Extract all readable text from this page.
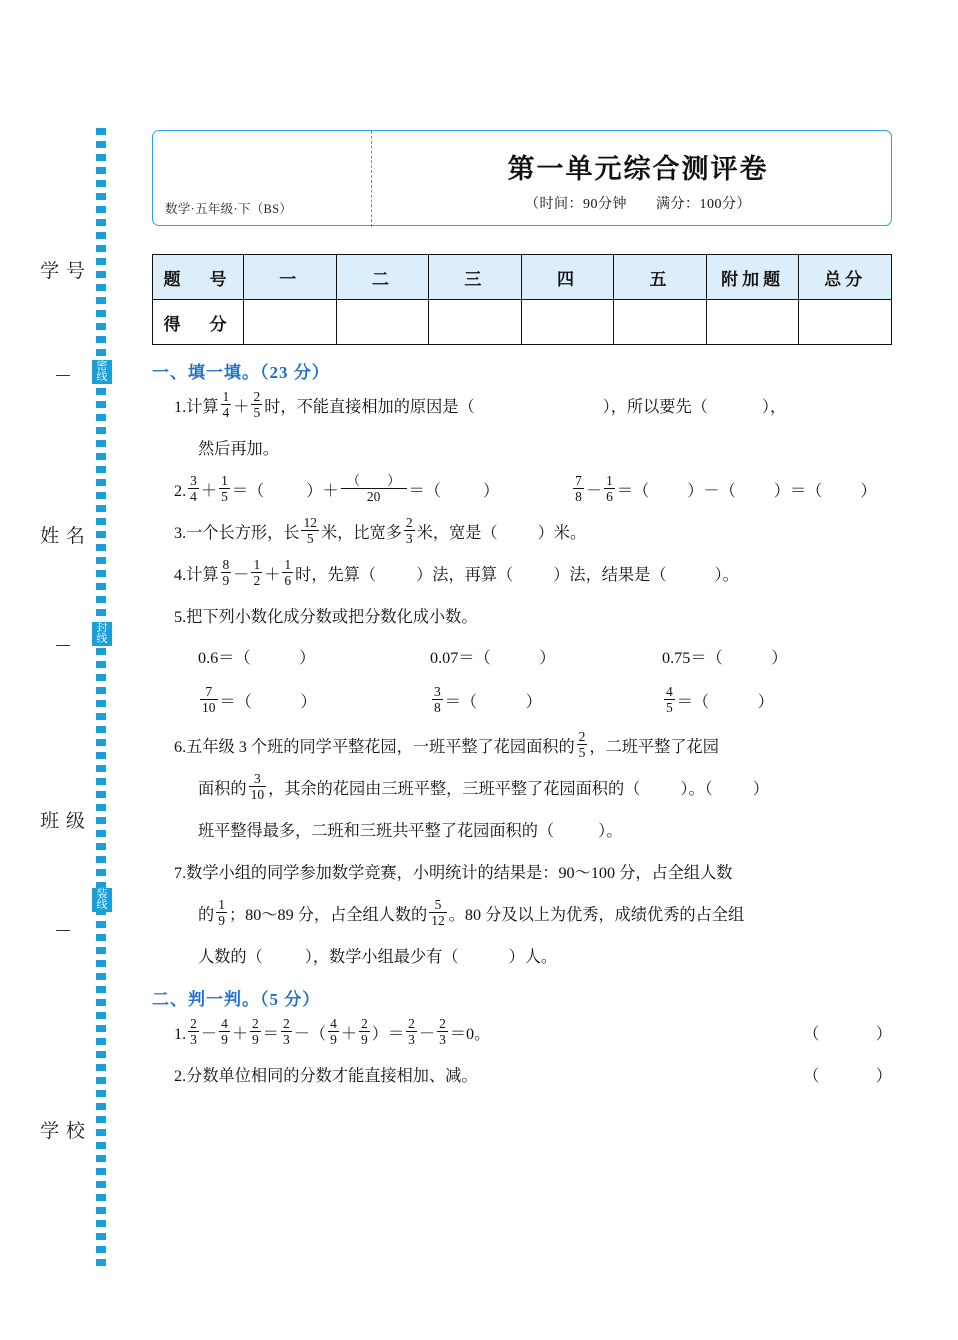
学 号
姓 名
班 级
学 校
密
线
封
线
装
线
数学·五年级·下（BS）
第一单元综合测评卷
（时间：90分钟　　满分：100分）
题　号	一	二	三	四	五	附加题	总分
得　分							
一、填一填。（23 分）
1.计算 $\frac{1}{4} + \frac{2}{5}$ 时，不能直接相加的原因是（	），所以要先（	），
然后再加。
2. $\frac{3}{4} + \frac{1}{5}$ ＝（	）＋ $\frac{( )}{20}$ ＝（	）	$\frac{7}{8} - \frac{1}{6}$ ＝（ ）－（ ）＝（ ）
3.一个长方形，长 $\frac{12}{5}$ 米，比宽多 $\frac{2}{3}$ 米，宽是（ ）米。
4.计算 $\frac{8}{9} - \frac{1}{2} + \frac{1}{6}$ 时，先算（ ）法，再算（ ）法，结果是（	）。
5.把下列小数化成分数或把分数化成小数。
0.6＝（　　　）	0.07＝（　　　）	0.75＝（　　　）
$\frac{7}{10}$ ＝（　　　）	$\frac{3}{8}$ ＝（　　　）	$\frac{4}{5}$ ＝（　　　）
6.五年级 3 个班的同学平整花园，一班平整了花园面积的 $\frac{2}{5}$ ，二班平整了花园
面积的 $\frac{3}{10}$ ，其余的花园由三班平整，三班平整了花园面积的（ ）。（ ）
班平整得最多，二班和三班共平整了花园面积的（	）。
7.数学小组的同学参加数学竞赛，小明统计的结果是：90～100 分，占全组人数
的 $\frac{1}{9}$ ；80～89 分，占全组人数的 $\frac{5}{12}$ 。80 分及以上为优秀，成绩优秀的占全组
人数的（	），数学小组最少有（	）人。
二、判一判。（5 分）
（　　　）
1. $\frac{2}{3} - \frac{4}{9} + \frac{2}{9} = \frac{2}{3}$ －（ $\frac{4}{9} + \frac{2}{9}$ ）＝ $\frac{2}{3} - \frac{2}{3} =0$。
（　　　）
2.分数单位相同的分数才能直接相加、减。
